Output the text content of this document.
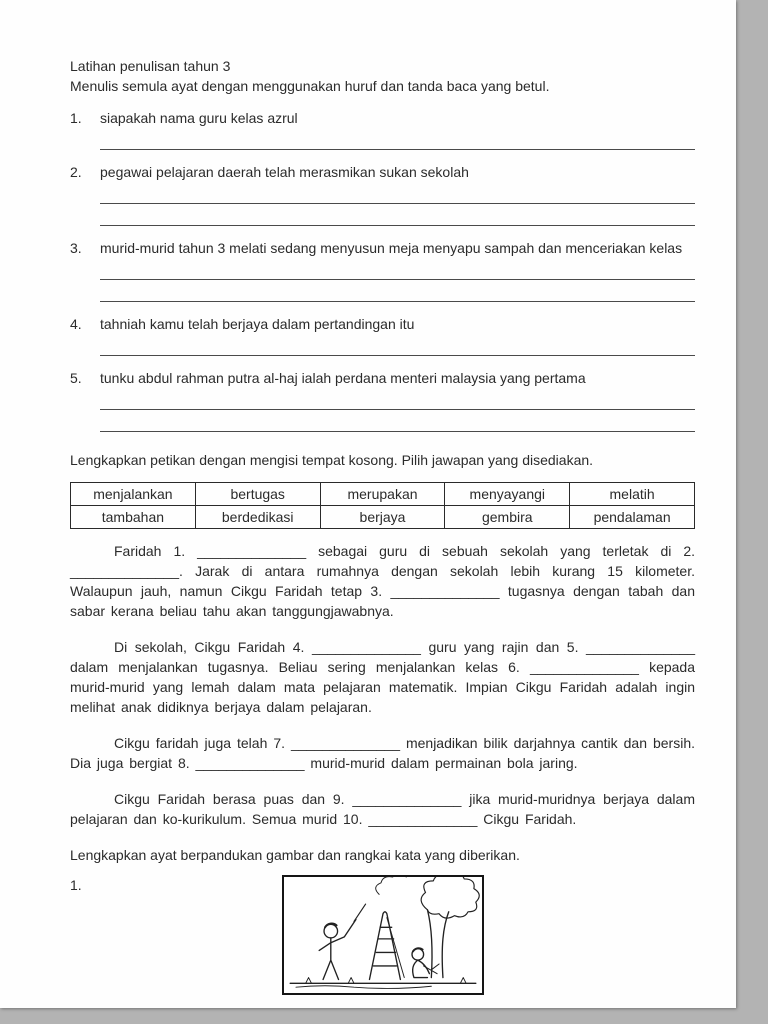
Latihan penulisan tahun 3
Menulis semula ayat dengan menggunakan huruf dan tanda baca yang betul.
1.	siapakah nama guru kelas azrul
2.	pegawai pelajaran daerah telah merasmikan sukan sekolah
3.	murid-murid tahun 3 melati sedang menyusun meja menyapu sampah dan menceriakan kelas
4.	tahniah kamu telah berjaya dalam pertandingan itu
5.	tunku abdul rahman putra al-haj ialah perdana menteri malaysia yang pertama
Lengkapkan petikan dengan mengisi tempat kosong. Pilih jawapan yang disediakan.
menjalankan	bertugas	merupakan	menyayangi	melatih
tambahan	berdedikasi	berjaya	gembira	pendalaman

Faridah 1. ______________ sebagai guru di sebuah sekolah yang terletak di 2. ______________. Jarak di antara rumahnya dengan sekolah lebih kurang 15 kilometer. Walaupun jauh, namun Cikgu Faridah tetap 3. ______________ tugasnya dengan tabah dan sabar kerana beliau tahu akan tanggungjawabnya.

Di sekolah, Cikgu Faridah 4. ______________ guru yang rajin dan 5. ______________ dalam menjalankan tugasnya. Beliau sering menjalankan kelas 6. ______________ kepada murid-murid yang lemah dalam mata pelajaran matematik. Impian Cikgu Faridah adalah ingin melihat anak didiknya berjaya dalam pelajaran.

Cikgu faridah juga telah 7. ______________ menjadikan bilik darjahnya cantik dan bersih. Dia juga bergiat 8. ______________ murid-murid dalam permainan bola jaring.

Cikgu Faridah berasa puas dan 9. ______________ jika murid-muridnya berjaya dalam pelajaran dan ko-kurikulum. Semua murid 10. ______________ Cikgu Faridah.

Lengkapkan ayat berpandukan gambar dan rangkai kata yang diberikan.
1.
